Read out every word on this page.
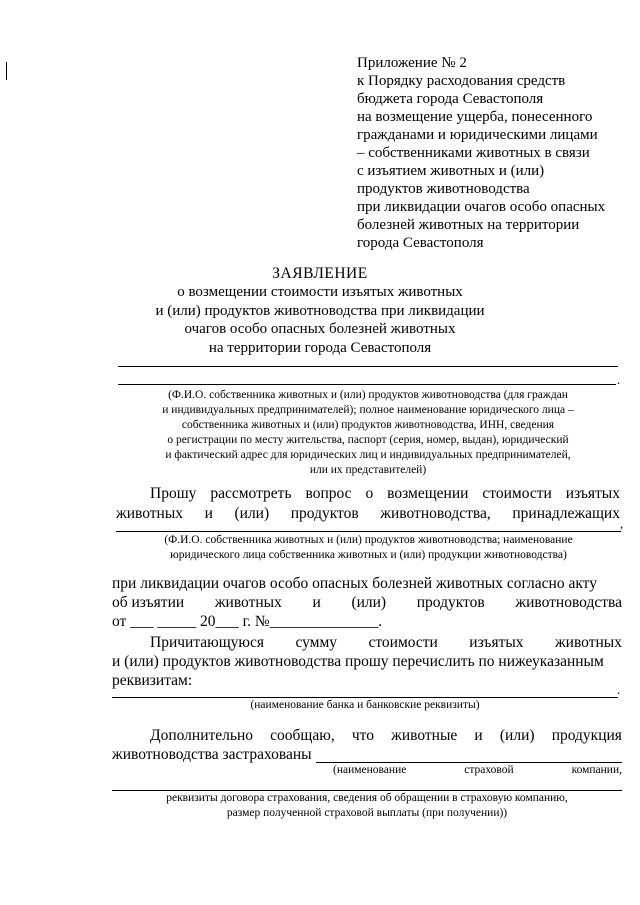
Приложение № 2
к Порядку расходования средств
бюджета города Севастополя
на возмещение ущерба, понесенного
гражданами и юридическими лицами
– собственниками животных в связи
с изъятием животных и (или)
продуктов животноводства
при ликвидации очагов особо опасных
болезней животных на территории
города Севастополя
ЗАЯВЛЕНИЕ
о возмещении стоимости изъятых животных
и (или) продуктов животноводства при ликвидации
очагов особо опасных болезней животных
на территории города Севастополя
.
(Ф.И.О. собственника животных и (или) продуктов животноводства (для граждан
и индивидуальных предпринимателей); полное наименование юридического лица –
собственника животных и (или) продуктов животноводства, ИНН, сведения
о регистрации по месту жительства, паспорт (серия, номер, выдан), юридический
и фактический адрес для юридических лиц и индивидуальных предпринимателей,
или их представителей)
Прошу рассмотреть вопрос о возмещении стоимости изъятых
животных и (или) продуктов животноводства, принадлежащих
,
(Ф.И.О. собственника животных и (или) продуктов животноводства; наименование
юридического лица собственника животных и (или) продукции животноводства)
при ликвидации очагов особо опасных болезней животных согласно акту
об изъятии животных и (или) продуктов животноводства
от ___ _____ 20___ г. №______________.
Причитающуюся сумму стоимости изъятых животных
и (или) продуктов животноводства прошу перечислить по нижеуказанным
реквизитам:
.
(наименование банка и банковские реквизиты)
Дополнительно сообщаю, что животные и (или) продукция
животноводства застрахованы
(наименование	страховой	компании,
реквизиты договора страхования, сведения об обращении в страховую компанию,
размер полученной страховой выплаты (при получении))
